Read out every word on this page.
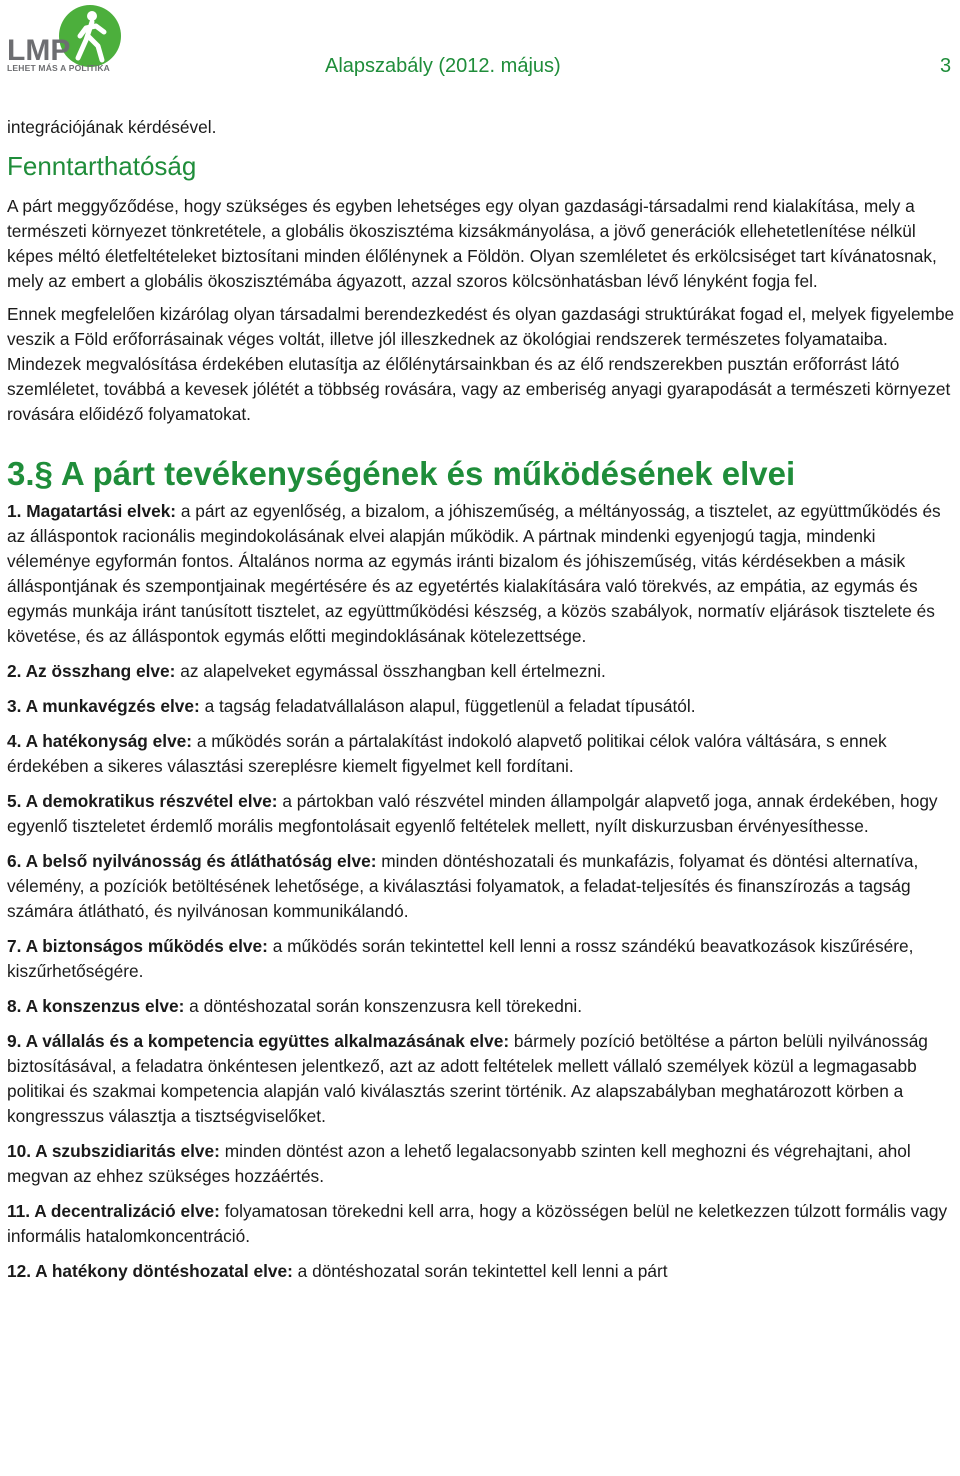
LMP
LEHET MÁS A POLITIKA	Alapszabály (2012. május)	3

integrációjának kérdésével.

Fenntarthatóság

A párt meggyőződése, hogy szükséges és egyben lehetséges egy olyan gazdasági-társadalmi rend kialakítása, mely a természeti környezet tönkretétele, a globális ökoszisztéma kizsákmányolása, a jövő generációk ellehetetlenítése nélkül képes méltó életfeltételeket biztosítani minden élőlénynek a Földön. Olyan szemléletet és erkölcsiséget tart kívánatosnak, mely az embert a globális ökoszisztémába ágyazott, azzal szoros kölcsönhatásban lévő lényként fogja fel.

Ennek megfelelően kizárólag olyan társadalmi berendezkedést és olyan gazdasági struktúrákat fogad el, melyek figyelembe veszik a Föld erőforrásainak véges voltát, illetve jól illeszkednek az ökológiai rendszerek természetes folyamataiba. Mindezek megvalósítása érdekében elutasítja az élőlénytársainkban és az élő rendszerekben pusztán erőforrást látó szemléletet, továbbá a kevesek jólétét a többség rovására, vagy az emberiség anyagi gyarapodását a természeti környezet rovására előidéző folyamatokat.

3.§ A párt tevékenységének és működésének elvei

1. Magatartási elvek: a párt az egyenlőség, a bizalom, a jóhiszeműség, a méltányosság, a tisztelet, az együttműködés és az álláspontok racionális megindokolásának elvei alapján működik. A pártnak mindenki egyenjogú tagja, mindenki véleménye egyformán fontos. Általános norma az egymás iránti bizalom és jóhiszeműség, vitás kérdésekben a másik álláspontjának és szempontjainak megértésére és az egyetértés kialakítására való törekvés, az empátia, az egymás és egymás munkája iránt tanúsított tisztelet, az együttműködési készség, a közös szabályok, normatív eljárások tisztelete és követése, és az álláspontok egymás előtti megindoklásának kötelezettsége.

2. Az összhang elve: az alapelveket egymással összhangban kell értelmezni.

3. A munkavégzés elve: a tagság feladatvállaláson alapul, függetlenül a feladat típusától.

4. A hatékonyság elve: a működés során a pártalakítást indokoló alapvető politikai célok valóra váltására, s ennek érdekében a sikeres választási szereplésre kiemelt figyelmet kell fordítani.

5. A demokratikus részvétel elve: a pártokban való részvétel minden állampolgár alapvető joga, annak érdekében, hogy egyenlő tiszteletet érdemlő morális megfontolásait egyenlő feltételek mellett, nyílt diskurzusban érvényesíthesse.

6. A belső nyilvánosság és átláthatóság elve: minden döntéshozatali és munkafázis, folyamat és döntési alternatíva, vélemény, a pozíciók betöltésének lehetősége, a kiválasztási folyamatok, a feladat-teljesítés és finanszírozás a tagság számára átlátható, és nyilvánosan kommunikálandó.

7. A biztonságos működés elve: a működés során tekintettel kell lenni a rossz szándékú beavatkozások kiszűrésére, kiszűrhetőségére.

8. A konszenzus elve: a döntéshozatal során konszenzusra kell törekedni.

9. A vállalás és a kompetencia együttes alkalmazásának elve: bármely pozíció betöltése a párton belüli nyilvánosság biztosításával, a feladatra önkéntesen jelentkező, azt az adott feltételek mellett vállaló személyek közül a legmagasabb politikai és szakmai kompetencia alapján való kiválasztás szerint történik. Az alapszabályban meghatározott körben a kongresszus választja a tisztségviselőket.

10. A szubszidiaritás elve: minden döntést azon a lehető legalacsonyabb szinten kell meghozni és végrehajtani, ahol megvan az ehhez szükséges hozzáértés.

11. A decentralizáció elve: folyamatosan törekedni kell arra, hogy a közösségen belül ne keletkezzen túlzott formális vagy informális hatalomkoncentráció.

12. A hatékony döntéshozatal elve: a döntéshozatal során tekintettel kell lenni a párt
